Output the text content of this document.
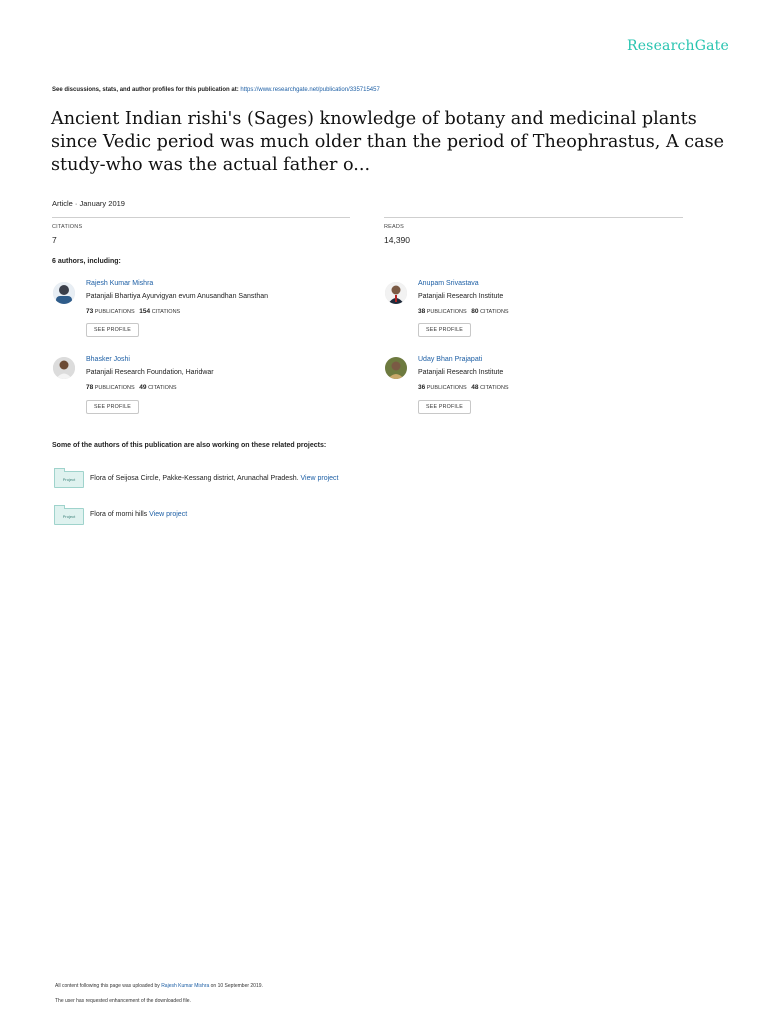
ResearchGate
See discussions, stats, and author profiles for this publication at: https://www.researchgate.net/publication/335715457
Ancient Indian rishi's (Sages) knowledge of botany and medicinal plants since Vedic period was much older than the period of Theophrastus, A case study-who was the actual father o...
Article · January 2019
CITATIONS
7
READS
14,390
6 authors, including:
Rajesh Kumar Mishra
Patanjali Bhartiya Ayurvigyan evum Anusandhan Sansthan
73 PUBLICATIONS 154 CITATIONS
SEE PROFILE
Anupam Srivastava
Patanjali Research Institute
38 PUBLICATIONS 80 CITATIONS
SEE PROFILE
Bhasker Joshi
Patanjali Research Foundation, Haridwar
78 PUBLICATIONS 49 CITATIONS
SEE PROFILE
Uday Bhan Prajapati
Patanjali Research Institute
36 PUBLICATIONS 48 CITATIONS
SEE PROFILE
Some of the authors of this publication are also working on these related projects:
Project	Flora of Seijosa Circle, Pakke-Kessang district, Arunachal Pradesh. View project
Project	Flora of morni hills View project
All content following this page was uploaded by Rajesh Kumar Mishra on 10 September 2019.
The user has requested enhancement of the downloaded file.
